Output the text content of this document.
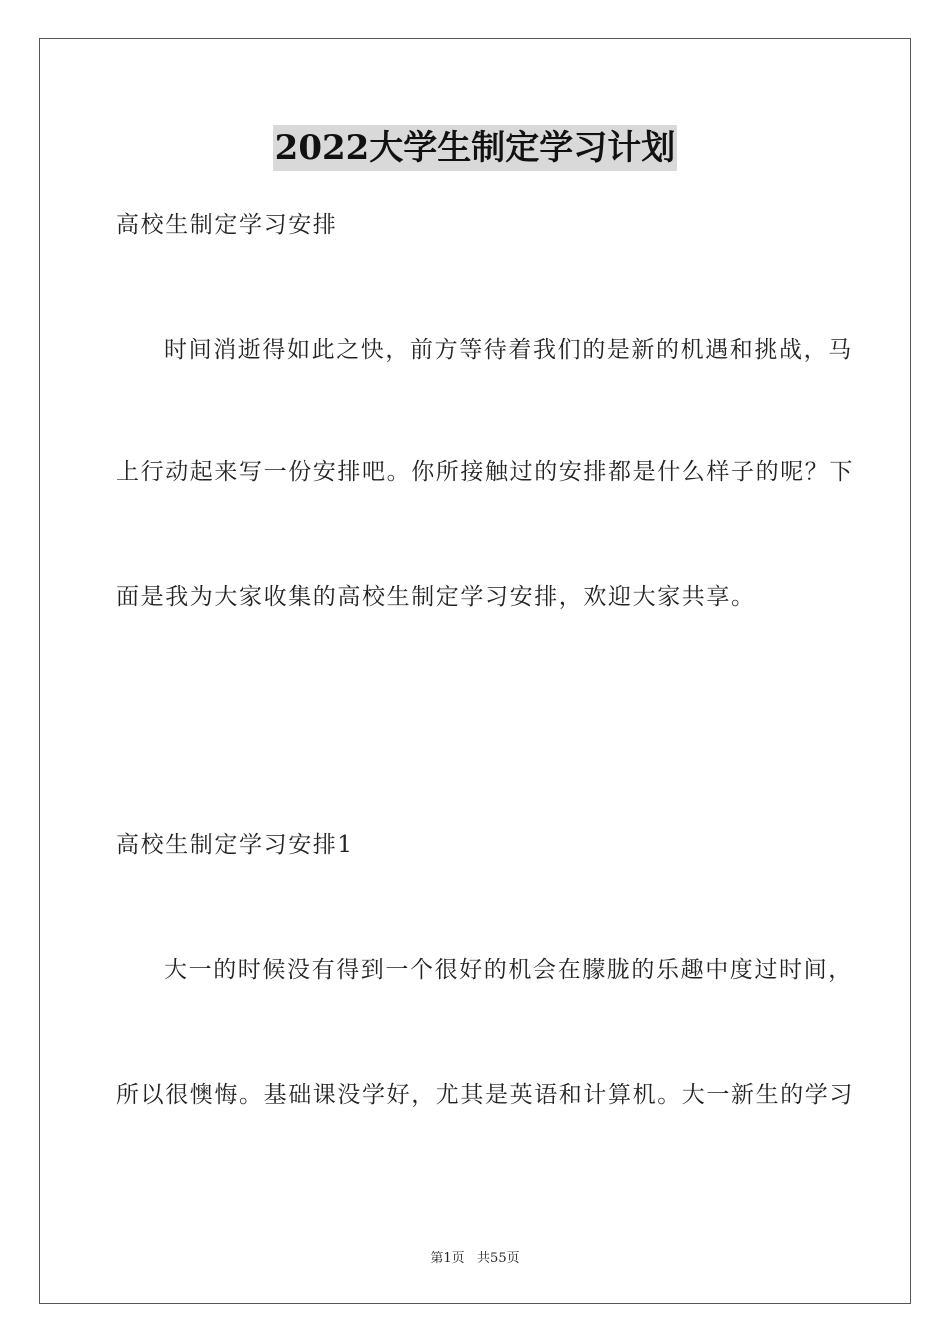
2022大学生制定学习计划
高校生制定学习安排
时间消逝得如此之快，前方等待着我们的是新的机遇和挑战，马
上行动起来写一份安排吧。你所接触过的安排都是什么样子的呢？下
面是我为大家收集的高校生制定学习安排，欢迎大家共享。
高校生制定学习安排1
大一的时候没有得到一个很好的机会在朦胧的乐趣中度过时间，
所以很懊悔。基础课没学好，尤其是英语和计算机。大一新生的学习
第1页   共55页
